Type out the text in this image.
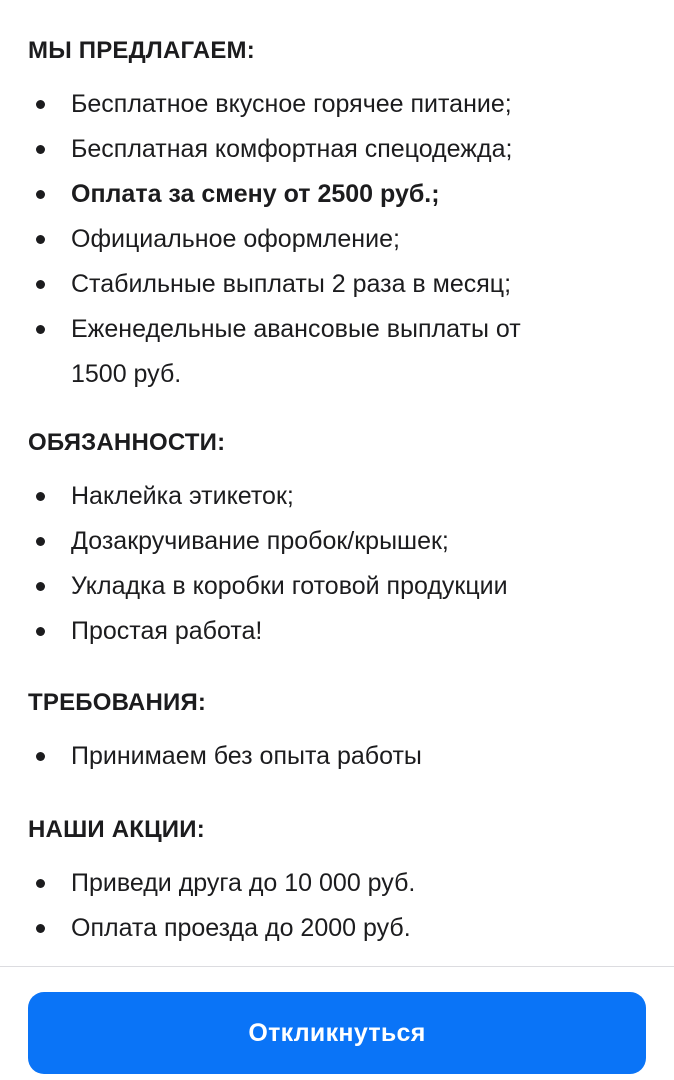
МЫ ПРЕДЛАГАЕМ:
Бесплатное вкусное горячее питание;
Бесплатная комфортная спецодежда;
Оплата за смену от 2500 руб.;
Официальное оформление;
Стабильные выплаты 2 раза в месяц;
Еженедельные авансовые выплаты от
1500 руб.
ОБЯЗАННОСТИ:
Наклейка этикеток;
Дозакручивание пробок/крышек;
Укладка в коробки готовой продукции
Простая работа!
ТРЕБОВАНИЯ:
Принимаем без опыта работы
НАШИ АКЦИИ:
Приведи друга до 10 000 руб.
Оплата проезда до 2000 руб.
Откликнуться
